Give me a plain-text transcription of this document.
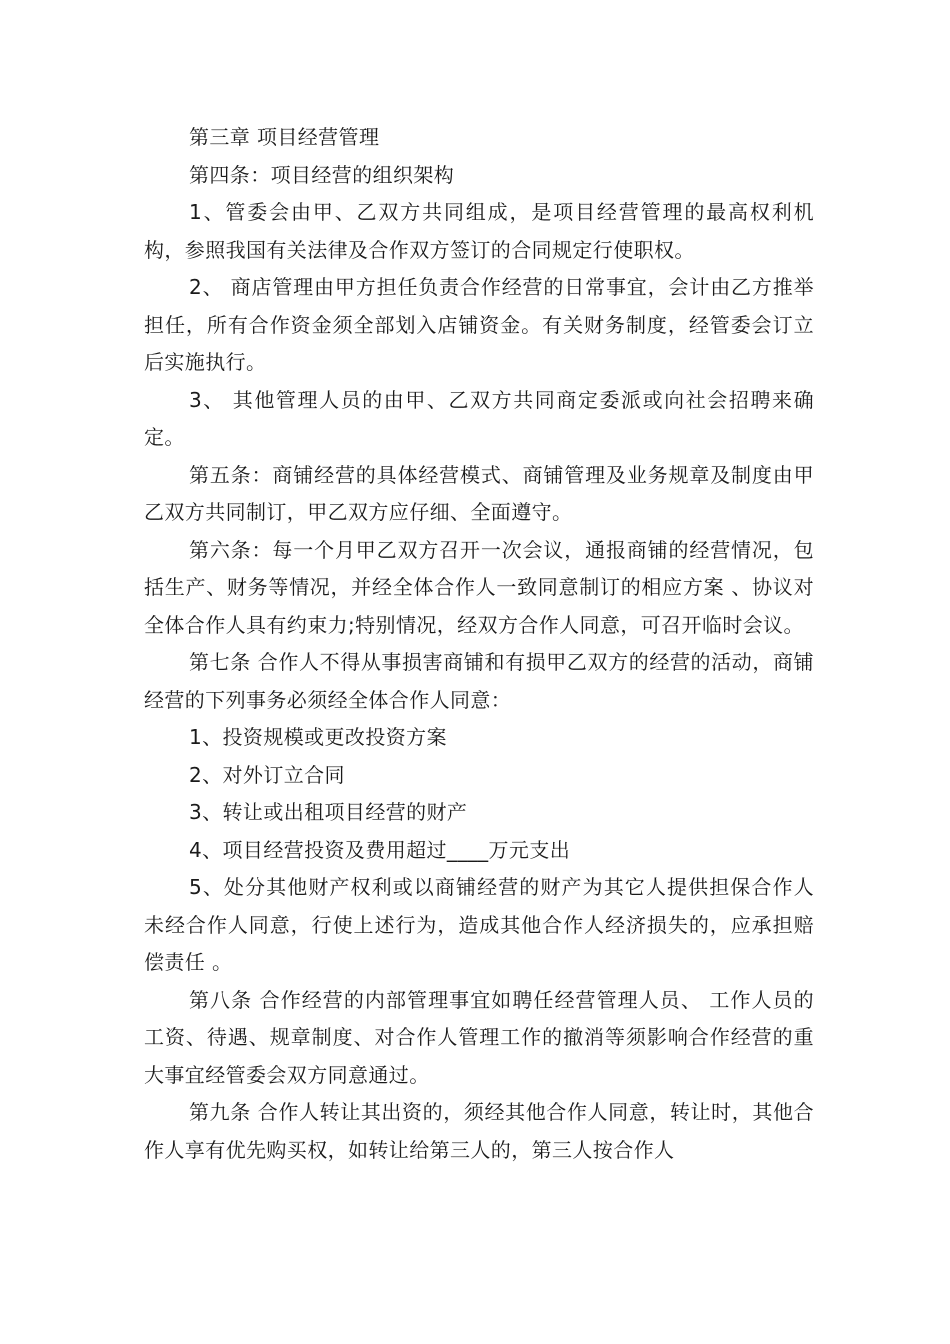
第三章 项目经营管理

第四条：项目经营的组织架构

1、管委会由甲、乙双方共同组成，是项目经营管理的最高权利机构，参照我国有关法律及合作双方签订的合同规定行使职权。

2、 商店管理由甲方担任负责合作经营的日常事宜，会计由乙方推举担任，所有合作资金须全部划入店铺资金。有关财务制度，经管委会订立后实施执行。

3、 其他管理人员的由甲、乙双方共同商定委派或向社会招聘来确定。

第五条：商铺经营的具体经营模式、商铺管理及业务规章及制度由甲乙双方共同制订，甲乙双方应仔细、全面遵守。

第六条：每一个月甲乙双方召开一次会议，通报商铺的经营情况，包括生产、财务等情况，并经全体合作人一致同意制订的相应方案 、协议对全体合作人具有约束力;特别情况，经双方合作人同意，可召开临时会议。

第七条 合作人不得从事损害商铺和有损甲乙双方的经营的活动，商铺经营的下列事务必须经全体合作人同意：

1、投资规模或更改投资方案

2、对外订立合同

3、转让或出租项目经营的财产

4、项目经营投资及费用超过____万元支出

5、处分其他财产权利或以商铺经营的财产为其它人提供担保合作人未经合作人同意，行使上述行为，造成其他合作人经济损失的，应承担赔偿责任 。

第八条 合作经营的内部管理事宜如聘任经营管理人员、 工作人员的工资、待遇、规章制度、对合作人管理工作的撤消等须影响合作经营的重大事宜经管委会双方同意通过。

第九条 合作人转让其出资的，须经其他合作人同意，转让时，其他合作人享有优先购买权，如转让给第三人的，第三人按合作人
